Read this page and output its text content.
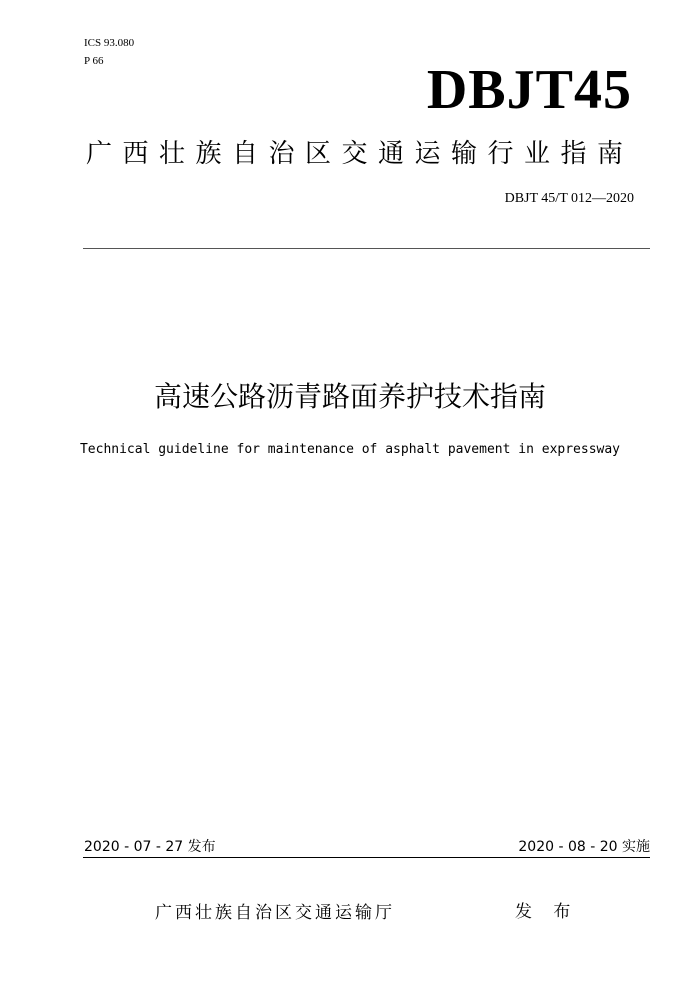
ICS 93.080
P 66	DBJT45
广西壮族自治区交通运输行业指南
DBJT 45/T 012—2020
高速公路沥青路面养护技术指南
Technical guideline for maintenance of asphalt pavement in expressway
2020 - 07 - 27 发布	2020 - 08 - 20 实施
广西壮族自治区交通运输厅	发 布
